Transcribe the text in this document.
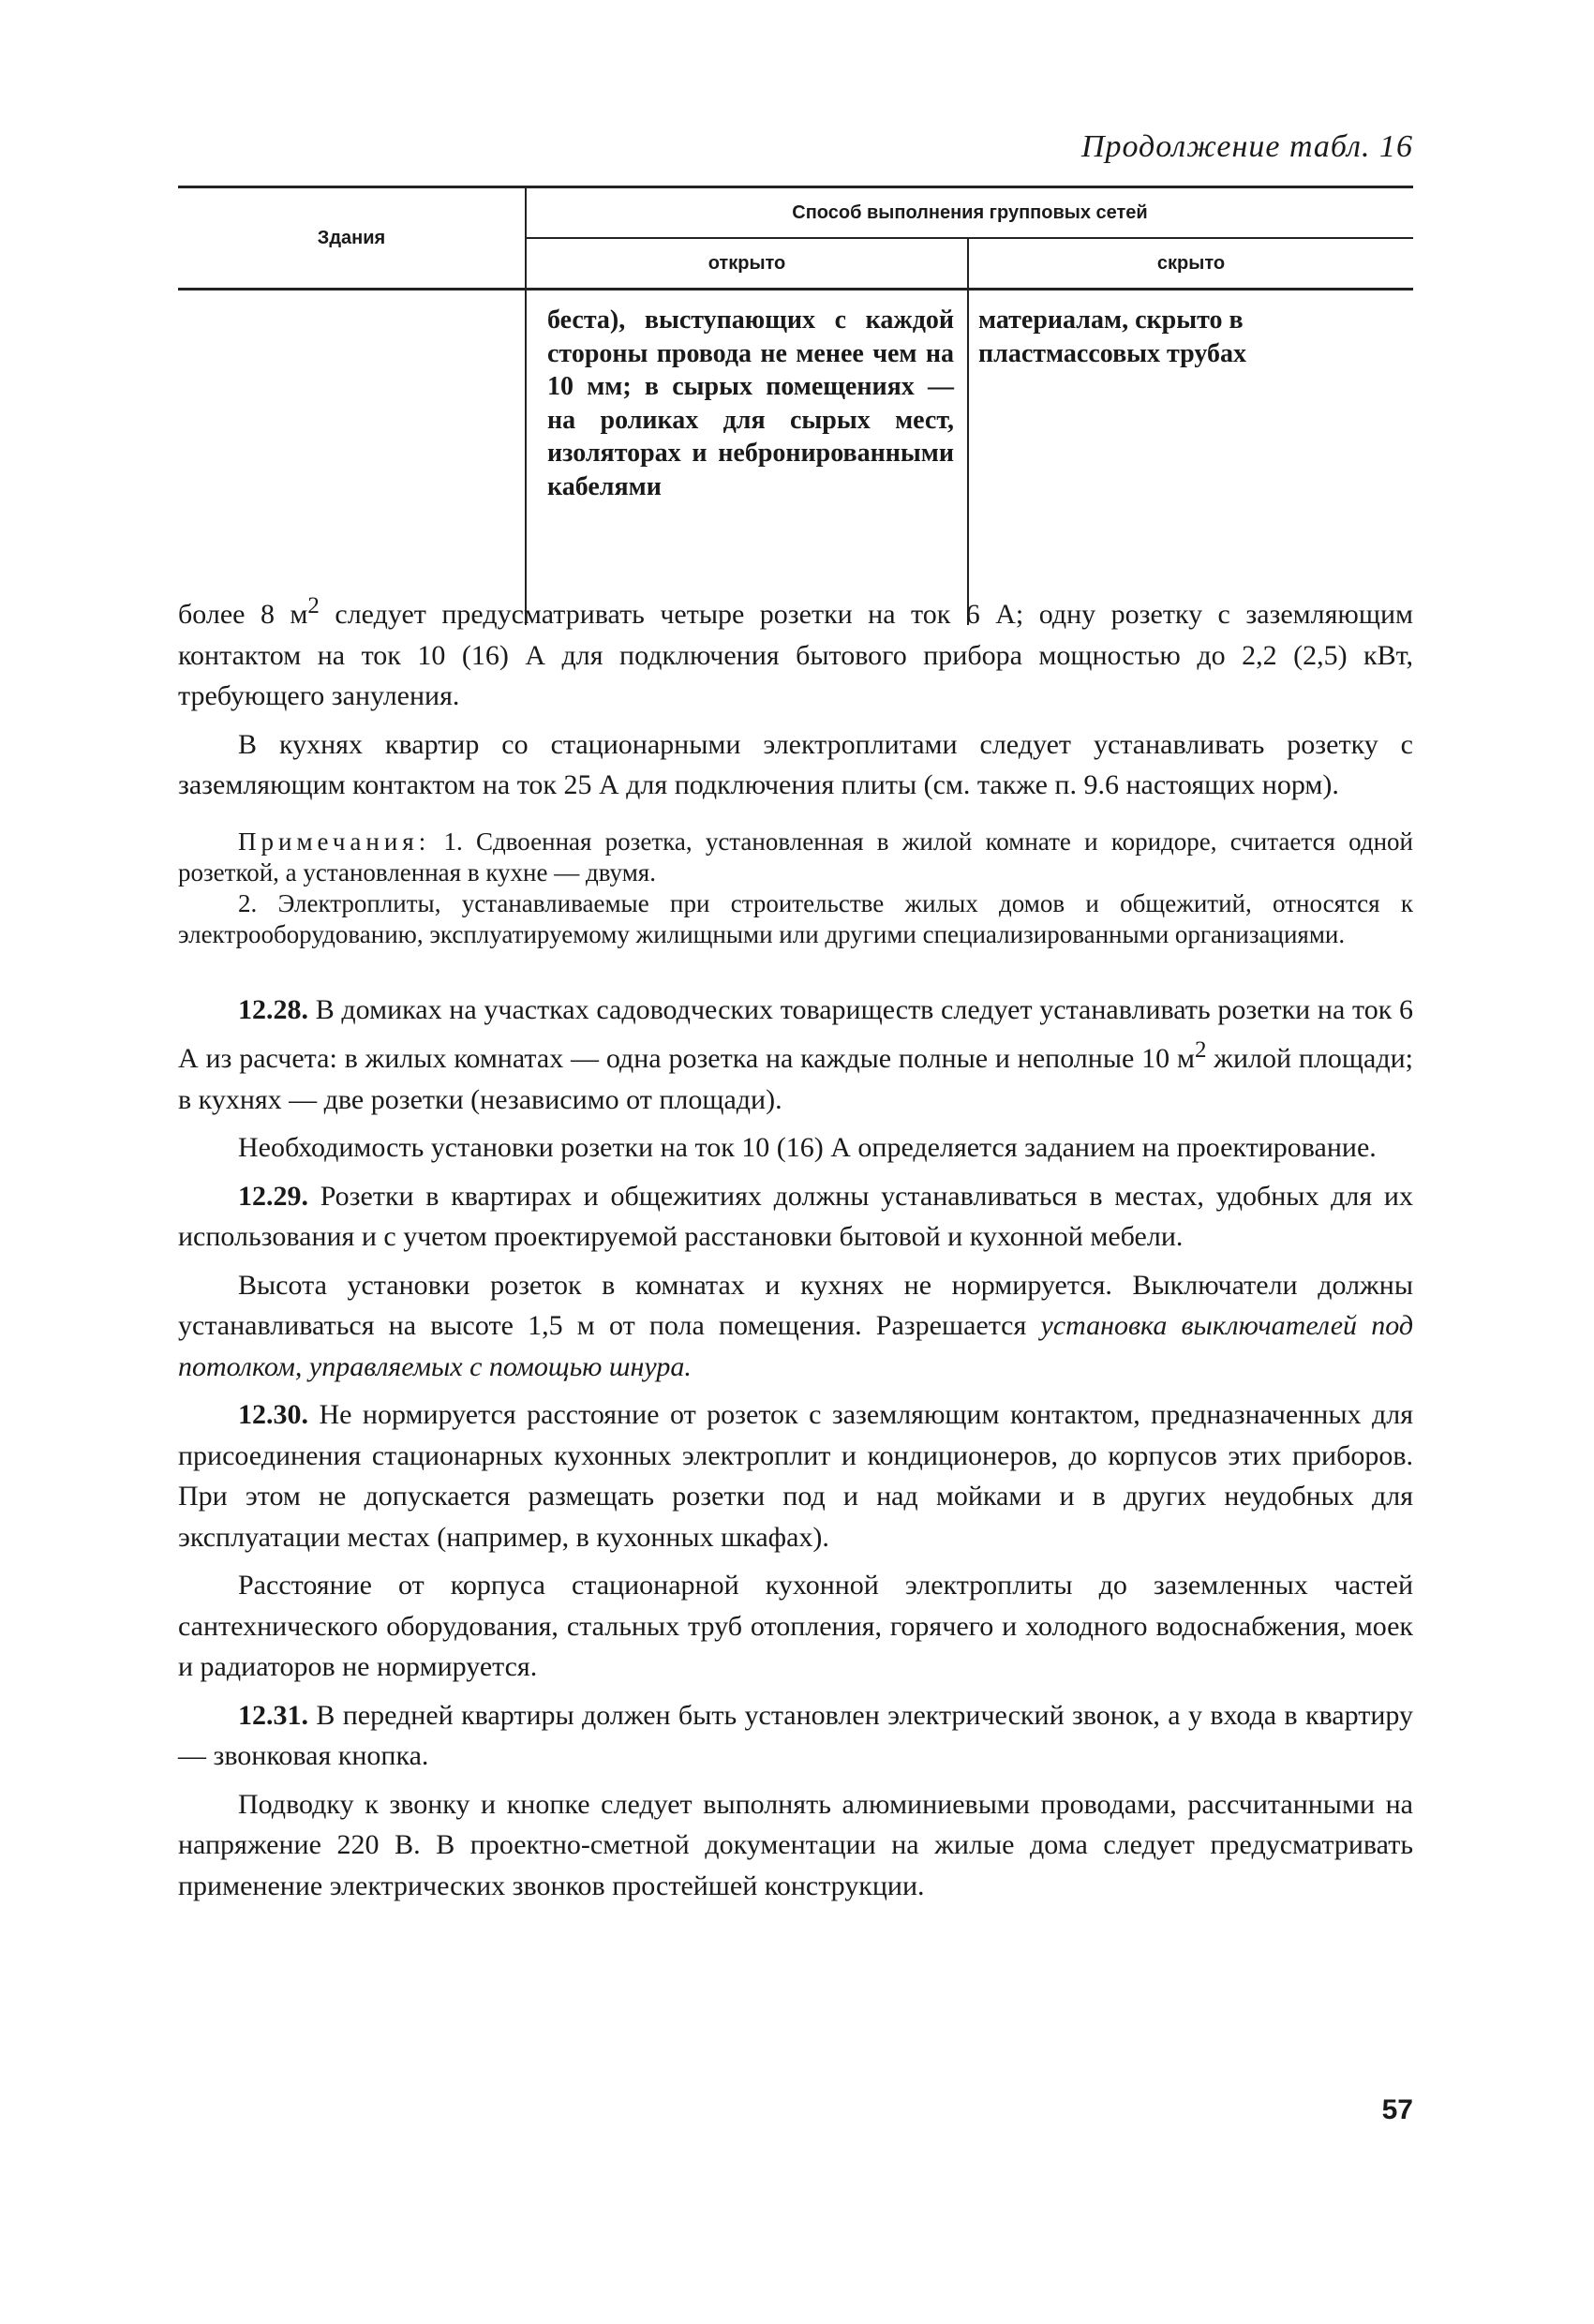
Продолжение табл. 16
Здания	Способ выполнения групповых сетей	
	открыто	скрыто
	беста), выступающих с каждой стороны провода не менее чем на 10 мм; в сырых помещениях — на роликах для сырых мест, изоляторах и небронированными кабелями	материалам, скрыто в пластмассовых трубах

более 8 $м^2$ следует предусматривать четыре розетки на ток 6 А; одну розетку с заземляющим контактом на ток 10 (16) А для подключения бытового прибора мощностью до 2,2 (2,5) кВт, требующего зануления.

В кухнях квартир со стационарными электроплитами следует устанавливать розетку с заземляющим контактом на ток 25 А для подключения плиты (см. также п. 9.6 настоящих норм).

Примечания: 1. Сдвоенная розетка, установленная в жилой комнате и коридоре, считается одной розеткой, а установленная в кухне — двумя.

2. Электроплиты, устанавливаемые при строительстве жилых домов и общежитий, относятся к электрооборудованию, эксплуатируемому жилищными или другими специализированными организациями.

12.28. В домиках на участках садоводческих товариществ следует устанавливать розетки на ток 6 А из расчета: в жилых комнатах — одна розетка на каждые полные и неполные 10 $м^2$ жилой площади; в кухнях — две розетки (независимо от площади).

Необходимость установки розетки на ток 10 (16) А определяется заданием на проектирование.

12.29. Розетки в квартирах и общежитиях должны устанавливаться в местах, удобных для их использования и с учетом проектируемой расстановки бытовой и кухонной мебели.

Высота установки розеток в комнатах и кухнях не нормируется. Выключатели должны устанавливаться на высоте 1,5 м от пола помещения. Разрешается установка выключателей под потолком, управляемых с помощью шнура.

12.30. Не нормируется расстояние от розеток с заземляющим контактом, предназначенных для присоединения стационарных кухонных электроплит и кондиционеров, до корпусов этих приборов. При этом не допускается размещать розетки под и над мойками и в других неудобных для эксплуатации местах (например, в кухонных шкафах).

Расстояние от корпуса стационарной кухонной электроплиты до заземленных частей сантехнического оборудования, стальных труб отопления, горячего и холодного водоснабжения, моек и радиаторов не нормируется.

12.31. В передней квартиры должен быть установлен электрический звонок, а у входа в квартиру — звонковая кнопка.

Подводку к звонку и кнопке следует выполнять алюминиевыми проводами, рассчитанными на напряжение 220 В. В проектно-сметной документации на жилые дома следует предусматривать применение электрических звонков простейшей конструкции.

57
